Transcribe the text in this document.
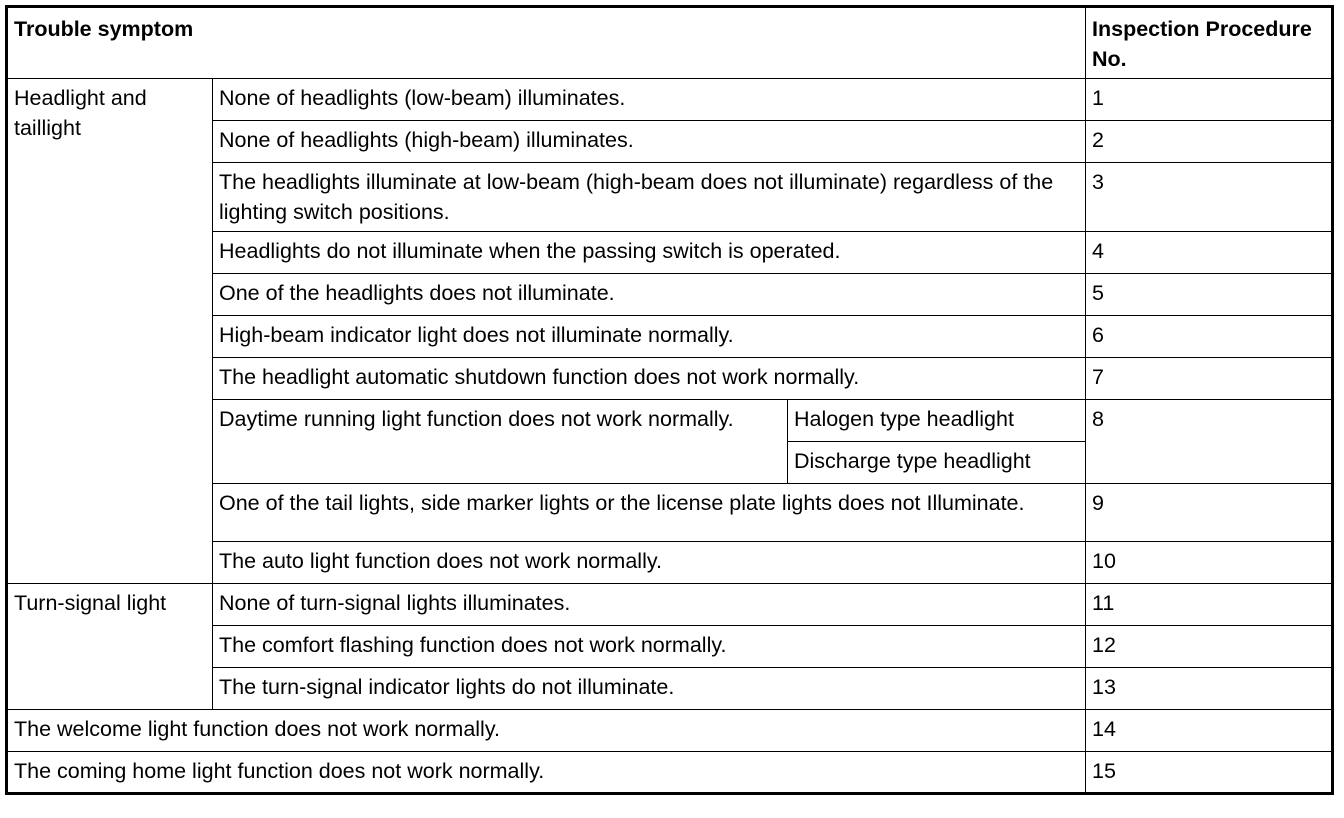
Trouble symptom			Inspection Procedure No.
Headlight and taillight	None of headlights (low-beam) illuminates.		1
	None of headlights (high-beam) illuminates.		2
	The headlights illuminate at low-beam (high-beam does not illuminate) regardless of the lighting switch positions.		3
	Headlights do not illuminate when the passing switch is operated.		4
	One of the headlights does not illuminate.		5
	High-beam indicator light does not illuminate normally.		6
	The headlight automatic shutdown function does not work normally.		7
	Daytime running light function does not work normally.	Halogen type headlight	8
		Discharge type headlight	
	One of the tail lights, side marker lights or the license plate lights does not Illuminate.		9
	The auto light function does not work normally.		10
Turn-signal light	None of turn-signal lights illuminates.		11
	The comfort flashing function does not work normally.		12
	The turn-signal indicator lights do not illuminate.		13
The welcome light function does not work normally.			14
The coming home light function does not work normally.			15
